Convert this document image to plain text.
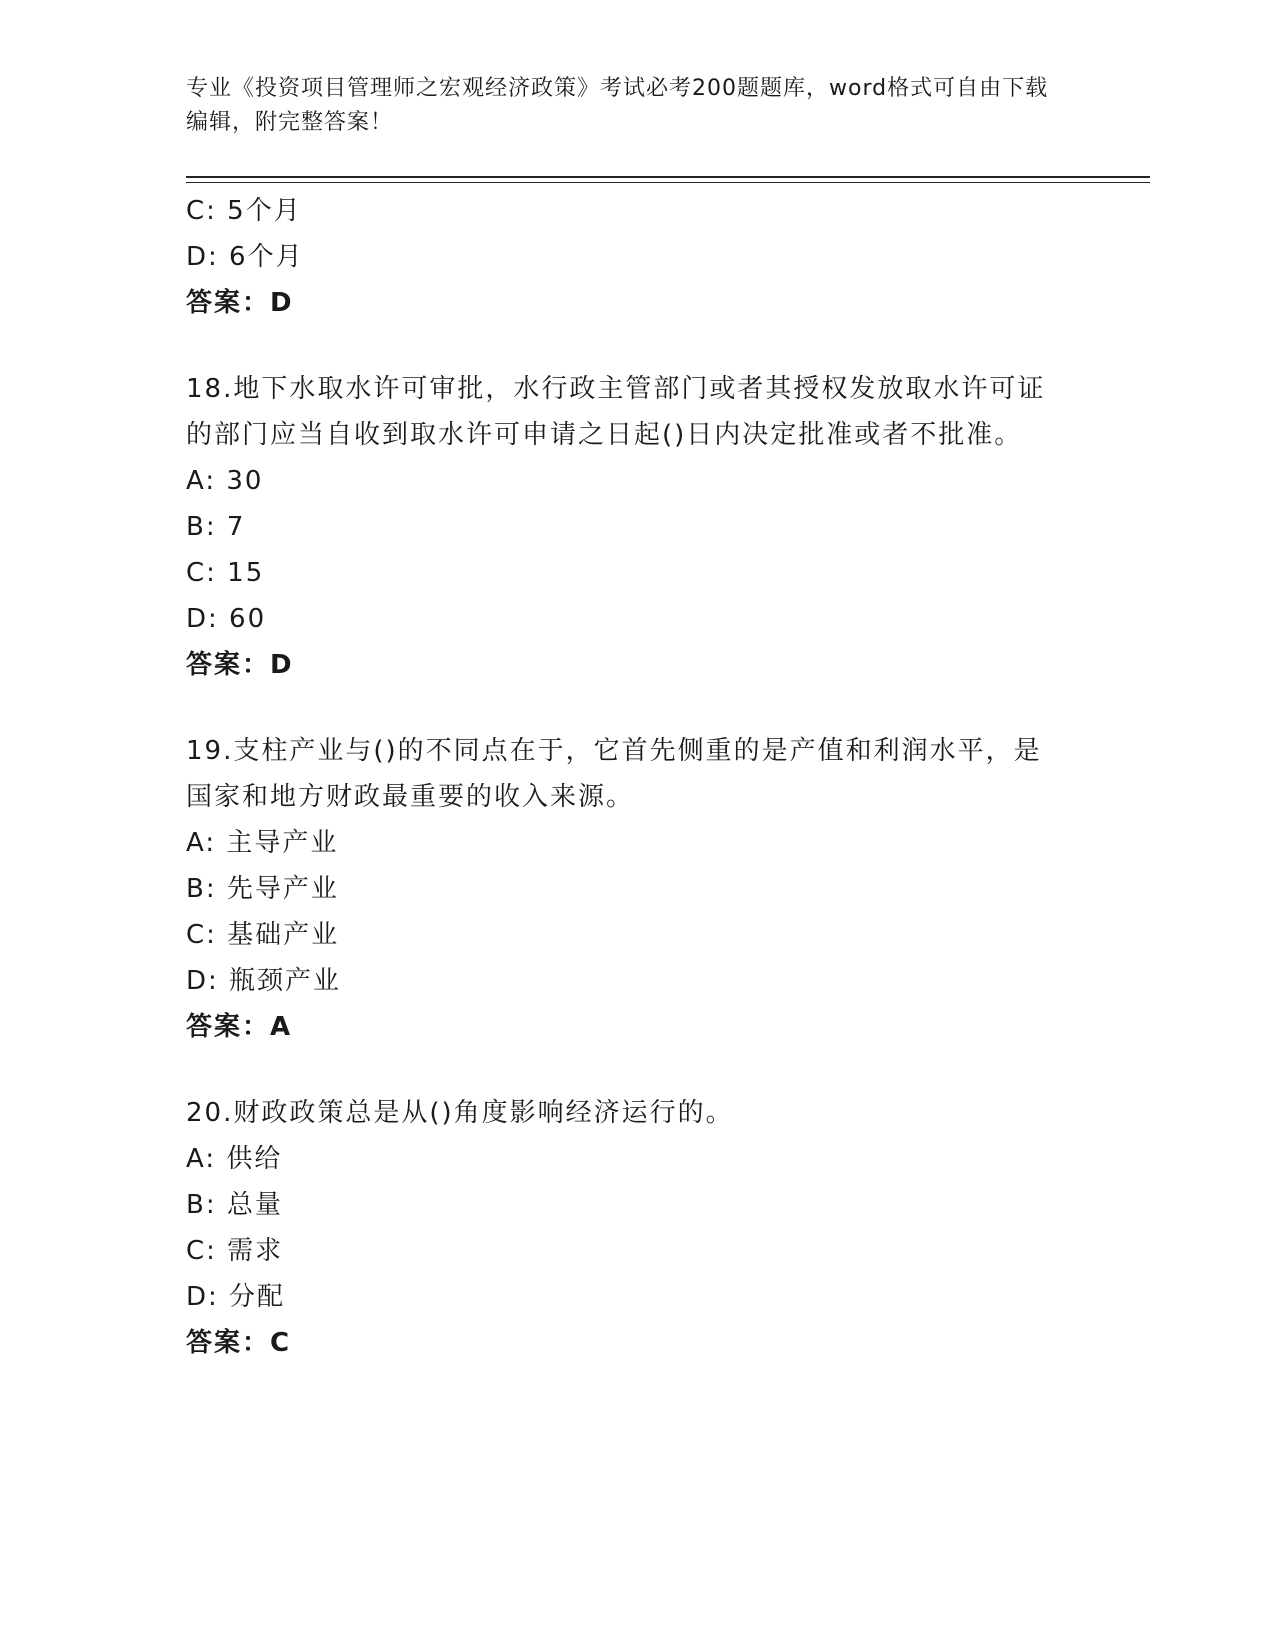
专业《投资项目管理师之宏观经济政策》考试必考200题题库，word格式可自由下载编辑，附完整答案！
C: 5个月
D: 6个月
答案：D
18.地下水取水许可审批，水行政主管部门或者其授权发放取水许可证的部门应当自收到取水许可申请之日起()日内决定批准或者不批准。
A: 30
B: 7
C: 15
D: 60
答案：D
19.支柱产业与()的不同点在于，它首先侧重的是产值和利润水平，是国家和地方财政最重要的收入来源。
A: 主导产业
B: 先导产业
C: 基础产业
D: 瓶颈产业
答案：A
20.财政政策总是从()角度影响经济运行的。
A: 供给
B: 总量
C: 需求
D: 分配
答案：C
